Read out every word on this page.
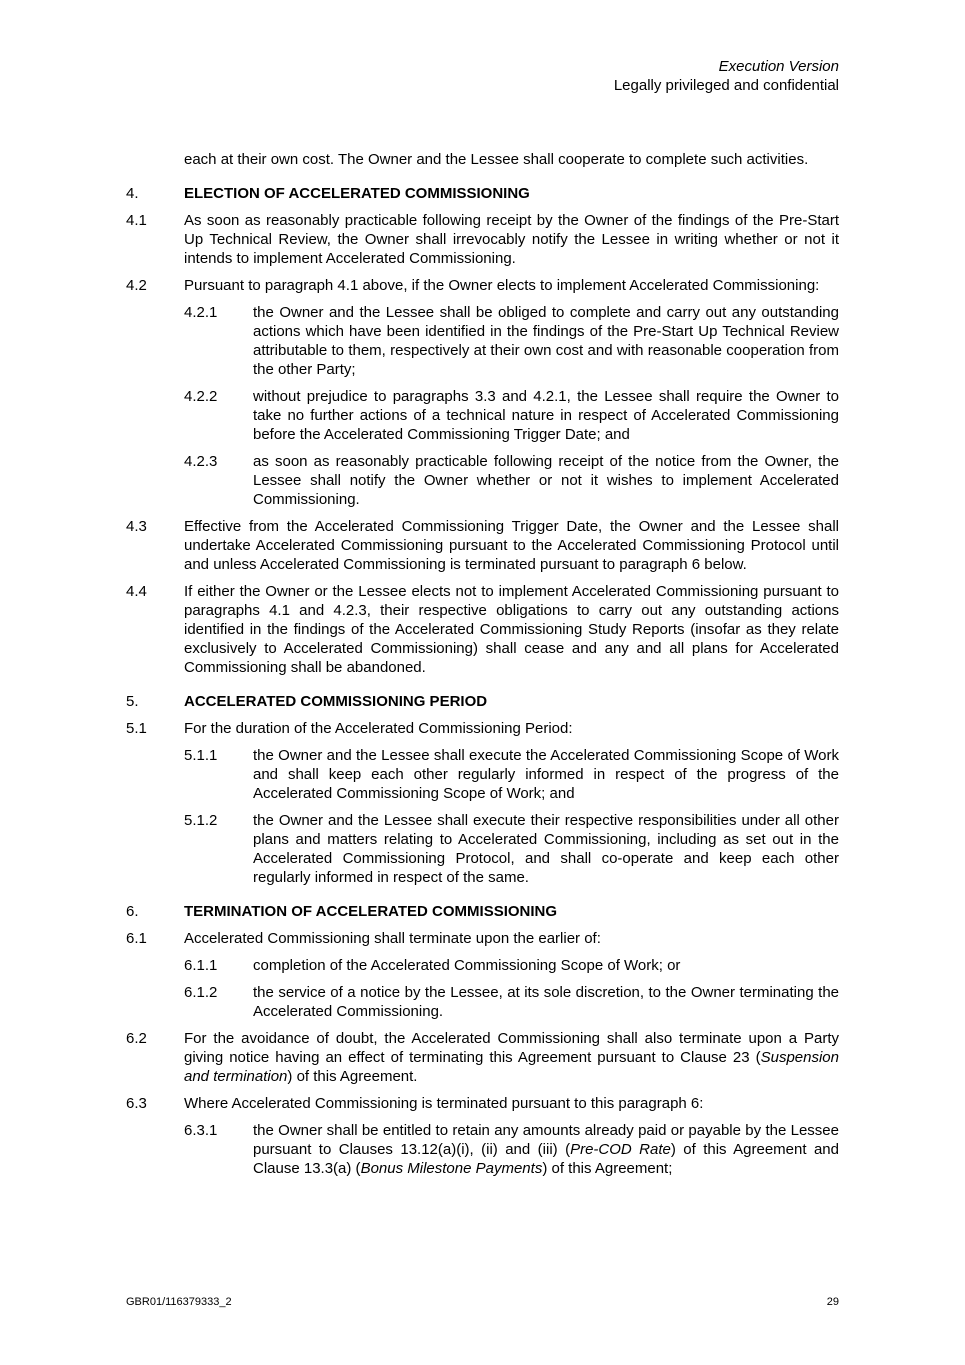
Execution Version
Legally privileged and confidential
each at their own cost. The Owner and the Lessee shall cooperate to complete such activities.
4.	ELECTION OF ACCELERATED COMMISSIONING
4.1	As soon as reasonably practicable following receipt by the Owner of the findings of the Pre-Start Up Technical Review, the Owner shall irrevocably notify the Lessee in writing whether or not it intends to implement Accelerated Commissioning.
4.2	Pursuant to paragraph 4.1 above, if the Owner elects to implement Accelerated Commissioning:
4.2.1	the Owner and the Lessee shall be obliged to complete and carry out any outstanding actions which have been identified in the findings of the Pre-Start Up Technical Review attributable to them, respectively at their own cost and with reasonable cooperation from the other Party;
4.2.2	without prejudice to paragraphs 3.3 and 4.2.1, the Lessee shall require the Owner to take no further actions of a technical nature in respect of Accelerated Commissioning before the Accelerated Commissioning Trigger Date; and
4.2.3	as soon as reasonably practicable following receipt of the notice from the Owner, the Lessee shall notify the Owner whether or not it wishes to implement Accelerated Commissioning.
4.3	Effective from the Accelerated Commissioning Trigger Date, the Owner and the Lessee shall undertake Accelerated Commissioning pursuant to the Accelerated Commissioning Protocol until and unless Accelerated Commissioning is terminated pursuant to paragraph 6 below.
4.4	If either the Owner or the Lessee elects not to implement Accelerated Commissioning pursuant to paragraphs 4.1 and 4.2.3, their respective obligations to carry out any outstanding actions identified in the findings of the Accelerated Commissioning Study Reports (insofar as they relate exclusively to Accelerated Commissioning) shall cease and any and all plans for Accelerated Commissioning shall be abandoned.
5.	ACCELERATED COMMISSIONING PERIOD
5.1	For the duration of the Accelerated Commissioning Period:
5.1.1	the Owner and the Lessee shall execute the Accelerated Commissioning Scope of Work and shall keep each other regularly informed in respect of the progress of the Accelerated Commissioning Scope of Work; and
5.1.2	the Owner and the Lessee shall execute their respective responsibilities under all other plans and matters relating to Accelerated Commissioning, including as set out in the Accelerated Commissioning Protocol, and shall co-operate and keep each other regularly informed in respect of the same.
6.	TERMINATION OF ACCELERATED COMMISSIONING
6.1	Accelerated Commissioning shall terminate upon the earlier of:
6.1.1	completion of the Accelerated Commissioning Scope of Work; or
6.1.2	the service of a notice by the Lessee, at its sole discretion, to the Owner terminating the Accelerated Commissioning.
6.2	For the avoidance of doubt, the Accelerated Commissioning shall also terminate upon a Party giving notice having an effect of terminating this Agreement pursuant to Clause 23 (Suspension and termination) of this Agreement.
6.3	Where Accelerated Commissioning is terminated pursuant to this paragraph 6:
6.3.1	the Owner shall be entitled to retain any amounts already paid or payable by the Lessee pursuant to Clauses 13.12(a)(i), (ii) and (iii) (Pre-COD Rate) of this Agreement and Clause 13.3(a) (Bonus Milestone Payments) of this Agreement;
GBR01/116379333_2	29
